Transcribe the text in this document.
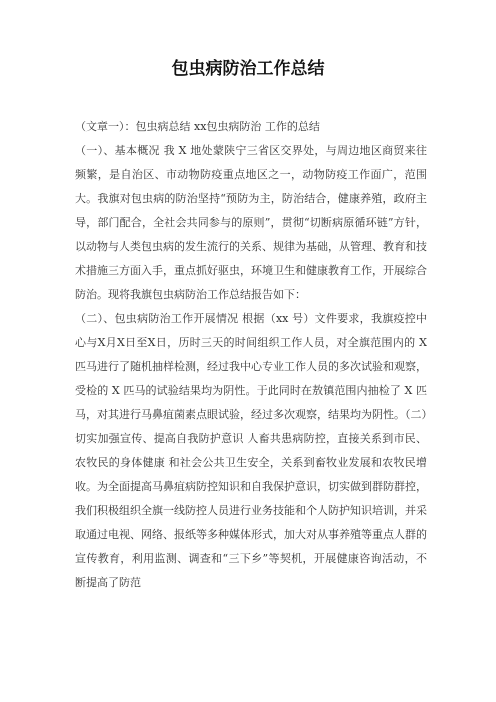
包虫病防治工作总结

（文章一）：包虫病总结 xx包虫病防治 工作的总结

（一）、基本概况 我 X 地处蒙陕宁三省区交界处，与周边地区商贸来往频繁，是自治区、市动物防疫重点地区之一，动物防疫工作面广，范围大。我旗对包虫病的防治坚持“预防为主，防治结合，健康养殖，政府主导，部门配合，全社会共同参与的原则”，贯彻“切断病原循环链”方针，以动物与人类包虫病的发生流行的关系、规律为基础，从管理、教育和技术措施三方面入手，重点抓好驱虫，环境卫生和健康教育工作，开展综合防治。现将我旗包虫病防治工作总结报告如下：

（二）、包虫病防治工作开展情况 根据（xx 号）文件要求，我旗疫控中心与X月X日至X日，历时三天的时间组织工作人员，对全旗范围内的 X 匹马进行了随机抽样检测，经过我中心专业工作人员的多次试验和观察，受检的 X 匹马的试验结果均为阴性。于此同时在敖镇范围内抽检了 X 匹马，对其进行马鼻疽菌素点眼试验，经过多次观察，结果均为阴性。（二）切实加强宣传、提高自我防护意识 人畜共患病防控，直接关系到市民、农牧民的身体健康 和社会公共卫生安全，关系到畜牧业发展和农牧民增收。为全面提高马鼻疽病防控知识和自我保护意识，切实做到群防群控，我们积极组织全旗一线防控人员进行业务技能和个人防护知识培训，并采取通过电视、网络、报纸等多种媒体形式，加大对从事养殖等重点人群的宣传教育，利用监测、调查和“三下乡”等契机，开展健康咨询活动，不断提高了防范
